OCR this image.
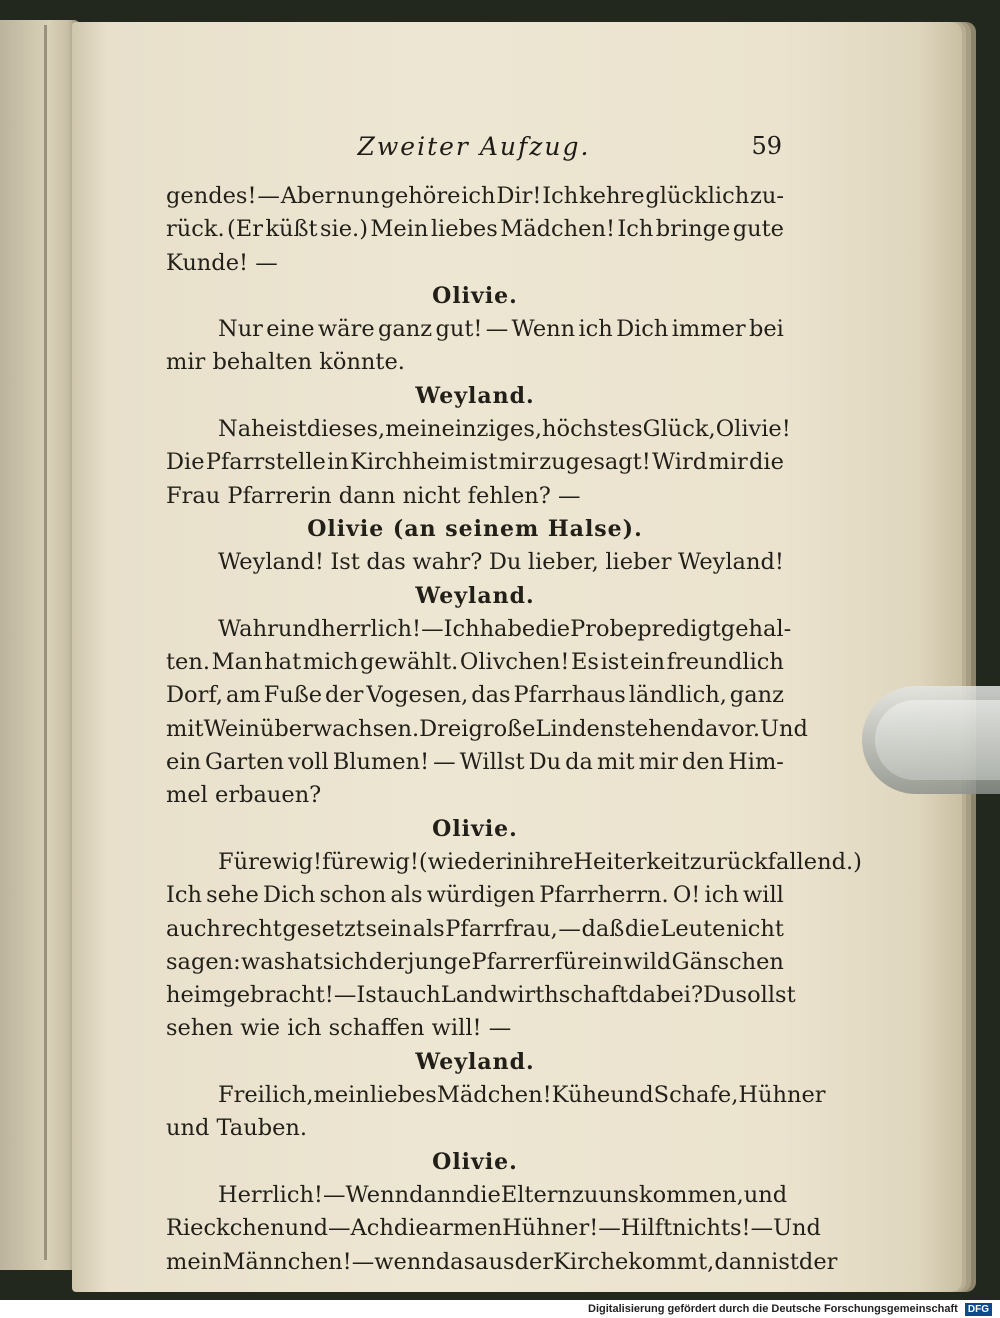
Zweiter Aufzug.	59
gendes! — Aber nun gehöre ich Dir! Ich kehre glücklich zu-
rück. (Er küßt sie.) Mein liebes Mädchen! Ich bringe gute
Kunde! —
Olivie.
Nur eine wäre ganz gut! — Wenn ich Dich immer bei
mir behalten könnte.
Weyland.
Nahe ist dieses, mein einziges, höchstes Glück, Olivie!
Die Pfarrstelle in Kirchheim ist mir zugesagt! Wird mir die
Frau Pfarrerin dann nicht fehlen? —
Olivie (an seinem Halse).
Weyland! Ist das wahr? Du lieber, lieber Weyland!
Weyland.
Wahr und herrlich! — Ich habe die Probepredigt gehal-
ten. Man hat mich gewählt. Olivchen! Es ist ein freundlich
Dorf, am Fuße der Vogesen, das Pfarrhaus ländlich, ganz
mit Wein überwachsen. Drei große Linden stehen davor. Und
ein Garten voll Blumen! — Willst Du da mit mir den Him-
mel erbauen?
Olivie.
Für ewig! für ewig! (wieder in ihre Heiterkeit zurückfallend.)
Ich sehe Dich schon als würdigen Pfarrherrn. O! ich will
auch recht gesetzt sein als Pfarrfrau, — daß die Leute nicht
sagen: was hat sich der junge Pfarrer für ein wild Gänschen
heimgebracht! — Ist auch Landwirthschaft dabei? Du sollst
sehen wie ich schaffen will! —
Weyland.
Freilich, mein liebes Mädchen! Kühe und Schafe, Hühner
und Tauben.
Olivie.
Herrlich! — Wenn dann die Eltern zu uns kommen, und
Rieckchen und — Ach die armen Hühner! — Hilft nichts! — Und
mein Männchen! — wenn das aus der Kirche kommt, dann ist der
Digitalisierung gefördert durch die Deutsche Forschungsgemeinschaft DFG
